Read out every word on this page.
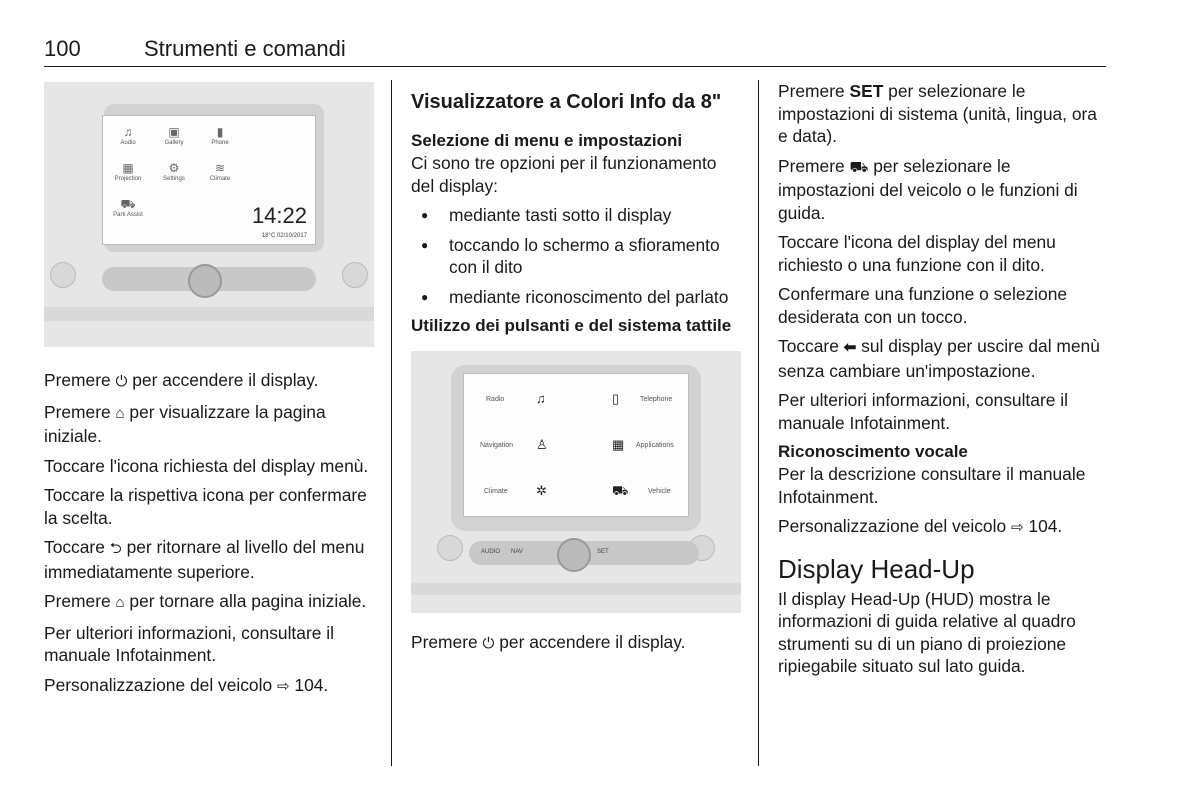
100	Strumenti e comandi
♫
Audio
▣
Gallery
▮
Phone
▦
Projection
⚙
Settings
≋
Climate
⛟
Park Assist	14:22
18°C 02/10/2017

Premere ⏻ per accendere il display.

Premere ⌂ per visualizzare la pagina iniziale.

Toccare l'icona richiesta del display menù.

Toccare la rispettiva icona per confermare la scelta.

Toccare ⮌ per ritornare al livello del menu immediatamente superiore.

Premere ⌂ per tornare alla pagina iniziale.

Per ulteriori informazioni, consultare il manuale Infotainment.

Personalizzazione del veicolo ⇨ 104.

Visualizzatore a Colori Info da 8"
Selezione di menu e impostazioni

Ci sono tre opzioni per il funzionamento del display:

● mediante tasti sotto il display
● toccando lo schermo a sfioramento con il dito
● mediante riconoscimento del parlato
Utilizzo dei pulsanti e del sistema tattile
Radio ♫	▯	Telephone
Navigation ♙	▦ Applications
Climate ✲	⛟	Vehicle
AUDIO NAV	SET

Premere ⏻ per accendere il display.

Premere SET per selezionare le impostazioni di sistema (unità, lingua, ora e data).

Premere ⛟ per selezionare le impostazioni del veicolo o le funzioni di guida.

Toccare l'icona del display del menu richiesto o una funzione con il dito.

Confermare una funzione o selezione desiderata con un tocco.

Toccare ⬅ sul display per uscire dal menù senza cambiare un'impostazione.

Per ulteriori informazioni, consultare il manuale Infotainment.

Riconoscimento vocale

Per la descrizione consultare il manuale Infotainment.

Personalizzazione del veicolo ⇨ 104.

Display Head-Up

Il display Head-Up (HUD) mostra le informazioni di guida relative al quadro strumenti su di un piano di proiezione ripiegabile situato sul lato guida.
